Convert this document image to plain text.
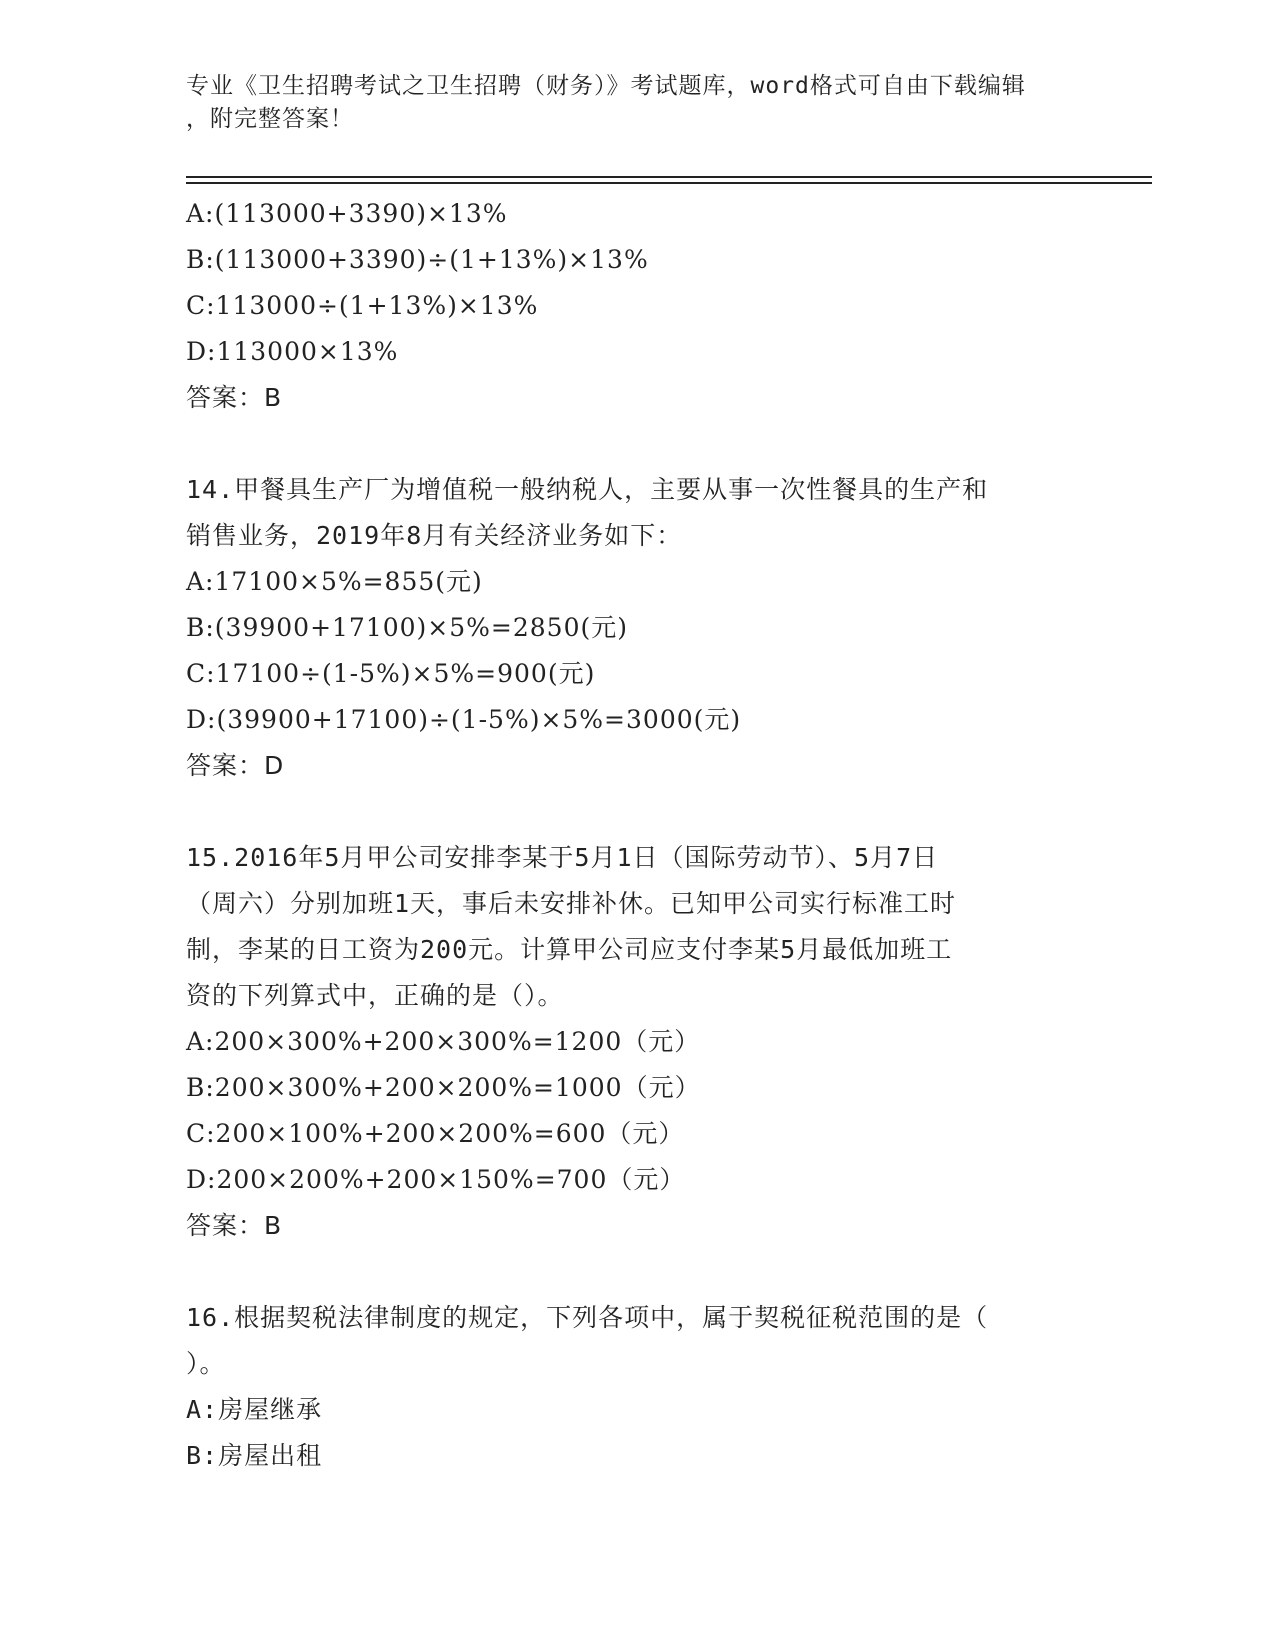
专业《卫生招聘考试之卫生招聘（财务）》考试题库，word格式可自由下载编辑
，附完整答案！
A:(113000+3390)×13%
B:(113000+3390)÷(1+13%)×13%
C:113000÷(1+13%)×13%
D:113000×13%
答案：B
14.甲餐具生产厂为增值税一般纳税人，主要从事一次性餐具的生产和
销售业务，2019年8月有关经济业务如下：
A:17100×5%=855(元)
B:(39900+17100)×5%=2850(元)
C:17100÷(1-5%)×5%=900(元)
D:(39900+17100)÷(1-5%)×5%=3000(元)
答案：D
15.2016年5月甲公司安排李某于5月1日（国际劳动节）、5月7日
（周六）分别加班1天，事后未安排补休。已知甲公司实行标准工时
制，李某的日工资为200元。计算甲公司应支付李某5月最低加班工
资的下列算式中，正确的是（）。
A:200×300%+200×300%=1200（元）
B:200×300%+200×200%=1000（元）
C:200×100%+200×200%=600（元）
D:200×200%+200×150%=700（元）
答案：B
16.根据契税法律制度的规定，下列各项中，属于契税征税范围的是（
）。
A:房屋继承
B:房屋出租
